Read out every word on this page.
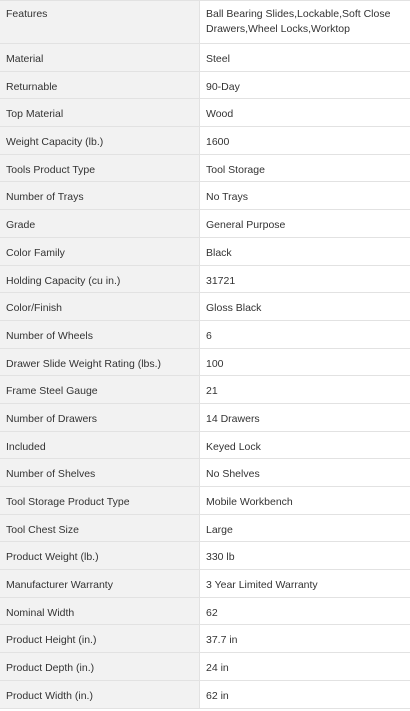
Features	Ball Bearing Slides,Lockable,Soft Close Drawers,Wheel Locks,Worktop
Material	Steel
Returnable	90-Day
Top Material	Wood
Weight Capacity (lb.)	1600
Tools Product Type	Tool Storage
Number of Trays	No Trays
Grade	General Purpose
Color Family	Black
Holding Capacity (cu in.)	31721
Color/Finish	Gloss Black
Number of Wheels	6
Drawer Slide Weight Rating (lbs.)	100
Frame Steel Gauge	21
Number of Drawers	14 Drawers
Included	Keyed Lock
Number of Shelves	No Shelves
Tool Storage Product Type	Mobile Workbench
Tool Chest Size	Large
Product Weight (lb.)	330 lb
Manufacturer Warranty	3 Year Limited Warranty
Nominal Width	62
Product Height (in.)	37.7 in
Product Depth (in.)	24 in
Product Width (in.)	62 in
